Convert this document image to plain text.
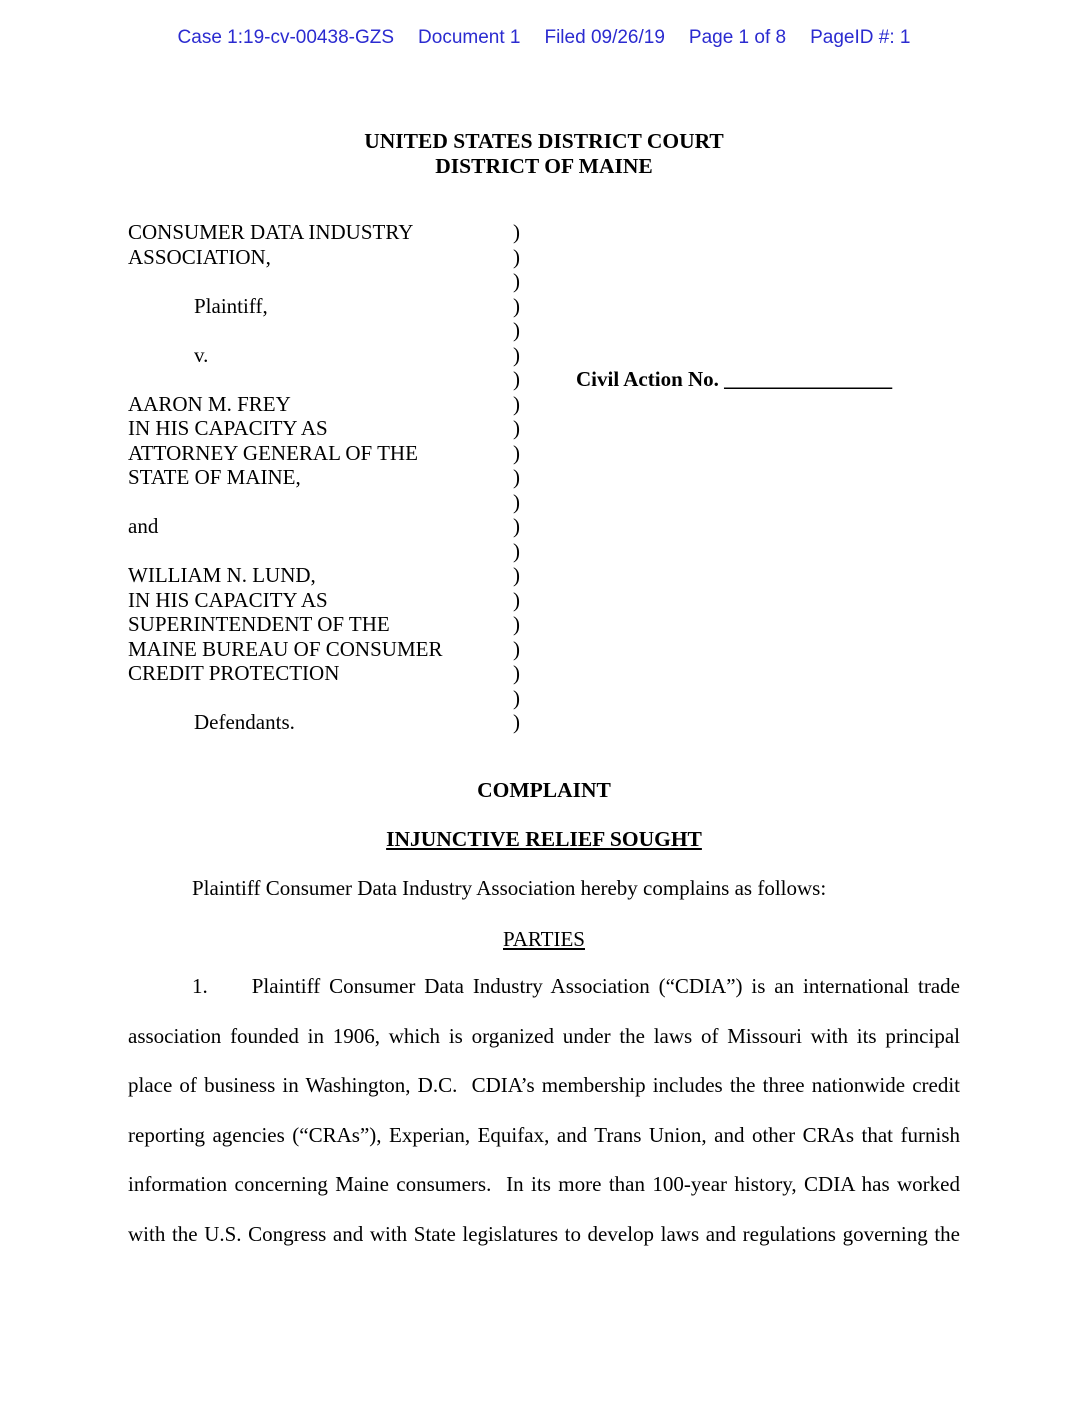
Case 1:19-cv-00438-GZS Document 1 Filed 09/26/19 Page 1 of 8 PageID #: 1
UNITED STATES DISTRICT COURT
DISTRICT OF MAINE
CONSUMER DATA INDUSTRY	)
ASSOCIATION,	)

)
Plaintiff,	)

)
v.	)

)	Civil Action No. ________________
AARON M. FREY	)
IN HIS CAPACITY AS	)
ATTORNEY GENERAL OF THE	)
STATE OF MAINE,	)

)
and	)

)
WILLIAM N. LUND,	)
IN HIS CAPACITY AS	)
SUPERINTENDENT OF THE	)
MAINE BUREAU OF CONSUMER	)
CREDIT PROTECTION	)

)
Defendants.	)
COMPLAINT
INJUNCTIVE RELIEF SOUGHT
Plaintiff Consumer Data Industry Association hereby complains as follows:
PARTIES

1. Plaintiff Consumer Data Industry Association (“CDIA”) is an international trade association founded in 1906, which is organized under the laws of Missouri with its principal place of business in Washington, D.C.  CDIA’s membership includes the three nationwide credit reporting agencies (“CRAs”), Experian, Equifax, and Trans Union, and other CRAs that furnish information concerning Maine consumers.  In its more than 100-year history, CDIA has worked with the U.S. Congress and with State legislatures to develop laws and regulations governing the
